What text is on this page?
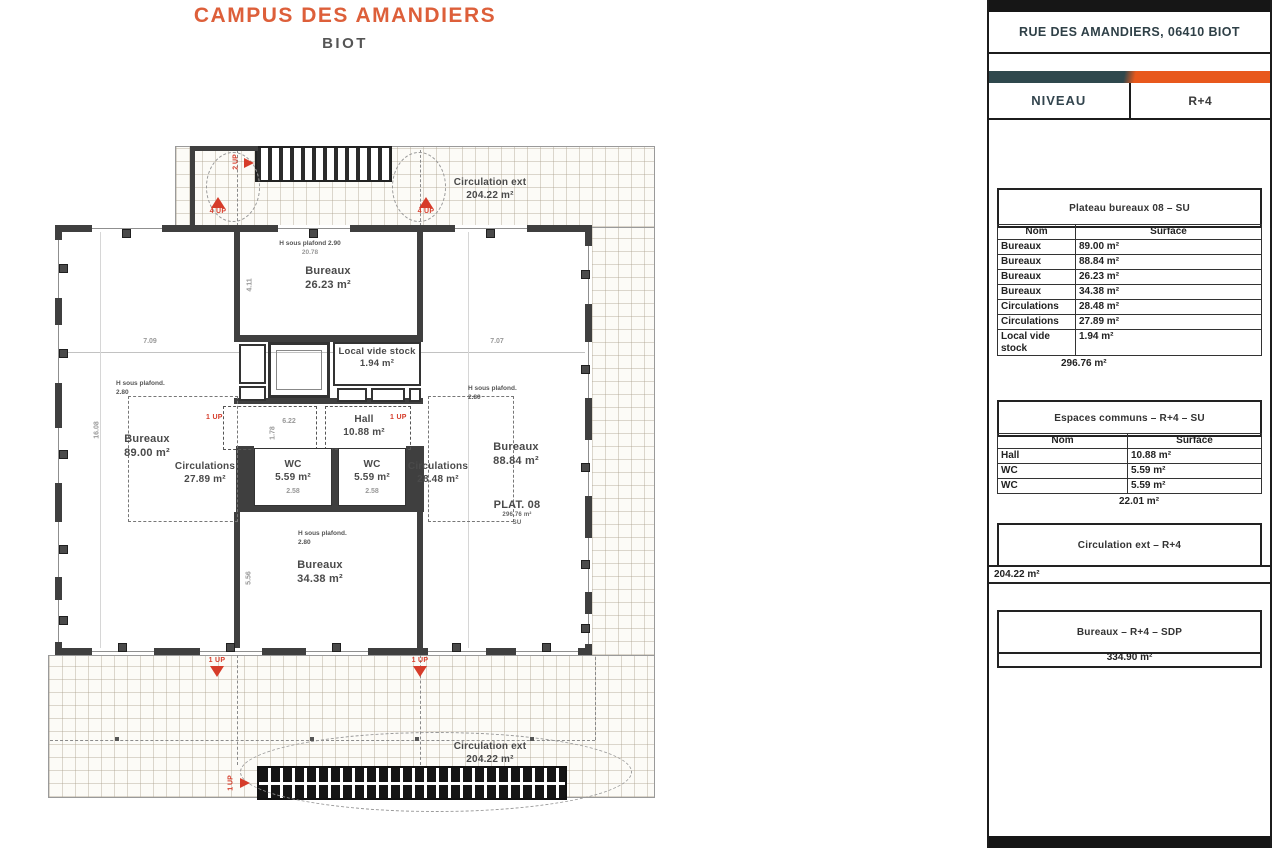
CAMPUS DES AMANDIERS
BIOT
Circulation ext
204.22 m²
Circulation ext
204.22 m²
Bureaux
26.23 m²
Bureaux
89.00 m²
Bureaux
88.84 m²
Bureaux
34.38 m²
Circulations
27.89 m²
Circulations
28.48 m²
Hall
10.88 m²
WC
5.59 m²
WC
5.59 m²
Local vide stock
1.94 m²
PLAT. 08
296.76 m²
SU
H sous plafond 2.90
20.78
H sous plafond.
2.80
H sous plafond.
2.80
H sous plafond.
2.80
7.09	7.07
16.08
4.11
6.22
1.78
2.58	2.58
5.56
2 UP
4 UP	4 UP
1 UP	1 UP
1 UP	1 UP
1 UP
RUE DES AMANDIERS, 06410 BIOT
NIVEAU	R+4
Plateau bureaux 08 – SU
Nom	Surface
Bureaux	89.00 m²
Bureaux	88.84 m²
Bureaux	26.23 m²
Bureaux	34.38 m²
Circulations	28.48 m²
Circulations	27.89 m²
Local vide stock	1.94 m²
296.76 m²
Espaces communs – R+4 – SU
Nom	Surface
Hall	10.88 m²
WC	5.59 m²
WC	5.59 m²
22.01 m²
Circulation ext – R+4
204.22 m²
Bureaux – R+4 – SDP
334.90 m²
